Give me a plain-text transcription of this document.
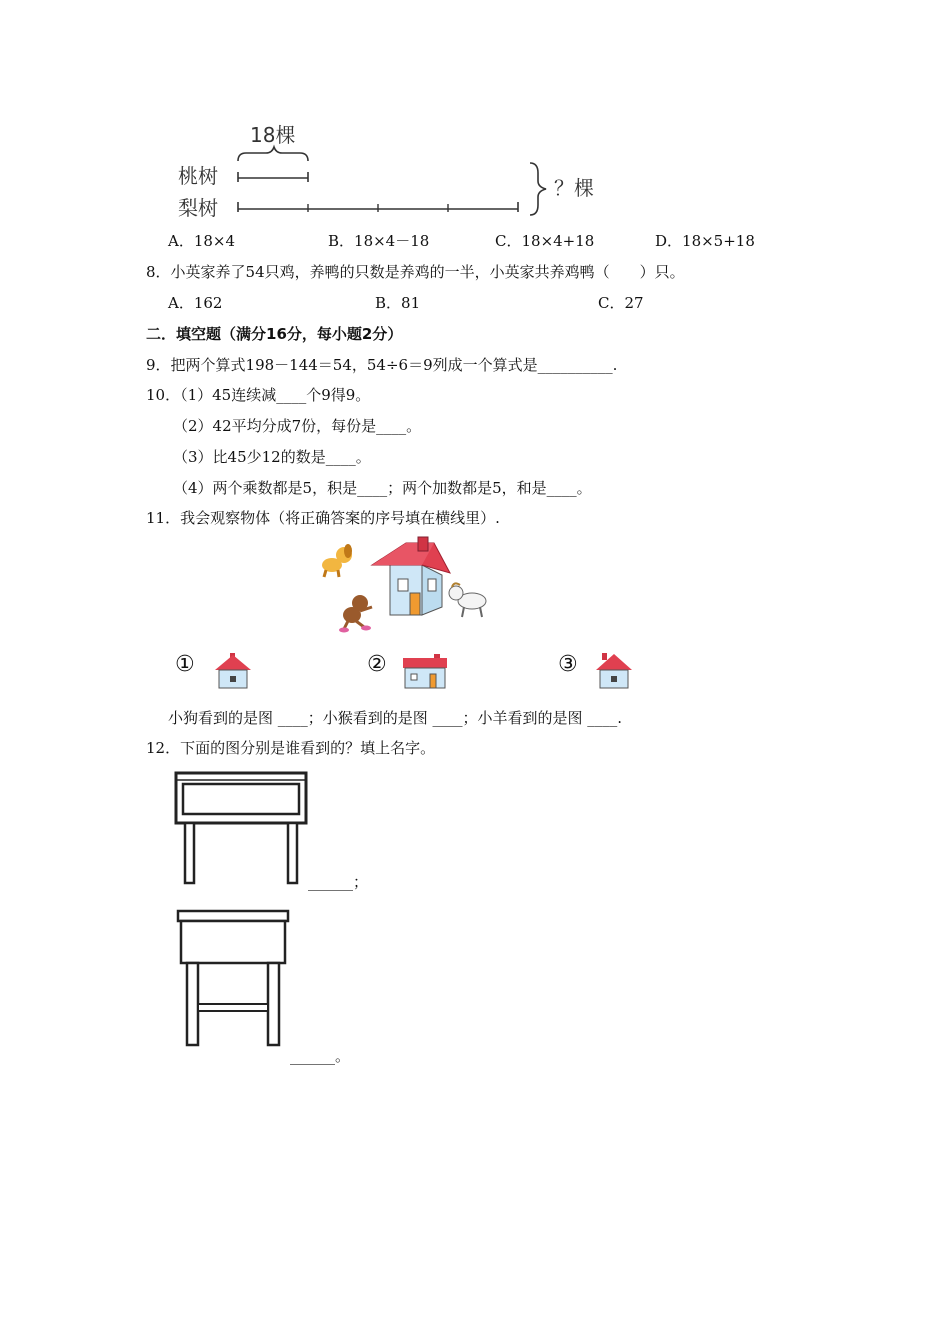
18棵
桃树
梨树
？棵
A．18×4	B．18×4－18	C．18×4+18	D．18×5+18
8．小英家养了54只鸡，养鸭的只数是养鸡的一半，小英家共养鸡鸭（　　）只。
A．162	B．81	C．27
二．填空题（满分16分，每小题2分）
9．把两个算式198－144＝54，54÷6＝9列成一个算式是__________.
10．（1）45连续减____个9得9。
（2）42平均分成7份，每份是____。
（3）比45少12的数是____。
（4）两个乘数都是5，积是____；两个加数都是5，和是____。
11．我会观察物体（将正确答案的序号填在横线里）.
①	②	③
小狗看到的是图 ____；小猴看到的是图 ____；小羊看到的是图 ____.
12．下面的图分别是谁看到的？填上名字。
______；
______。
